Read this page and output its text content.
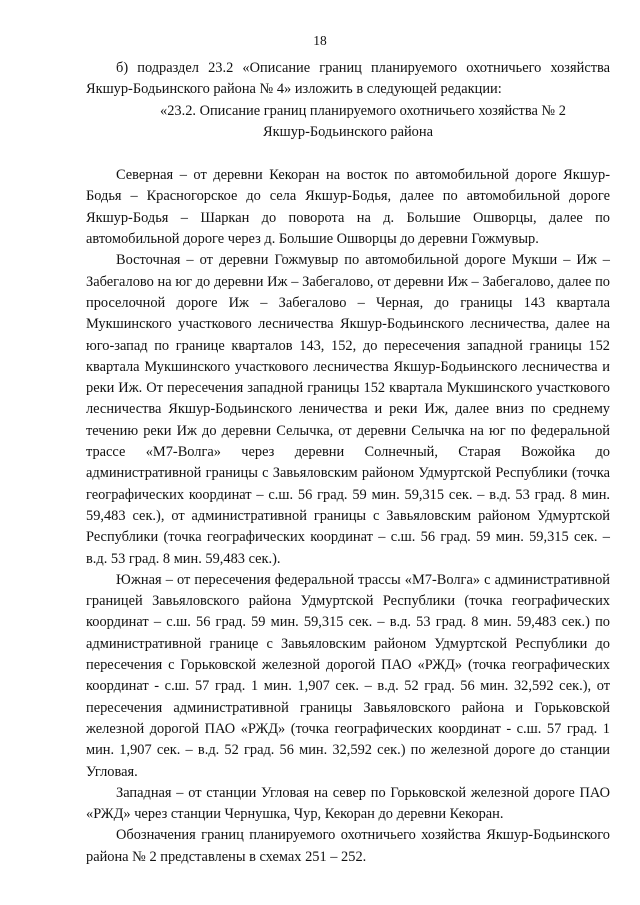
18

б) подраздел 23.2 «Описание границ планируемого охотничьего хозяйства Якшур-Бодьинского района № 4» изложить в следующей редакции:

«23.2. Описание границ планируемого охотничьего хозяйства № 2

Якшур-Бодьинского района

Северная – от деревни Кекоран на восток по автомобильной дороге Якшур-Бодья – Красногорское до села Якшур-Бодья, далее по автомобильной дороге Якшур-Бодья – Шаркан до поворота на д. Большие Ошворцы, далее по автомобильной дороге через д. Большие Ошворцы до деревни Гожмувыр.

Восточная – от деревни Гожмувыр по автомобильной дороге Мукши – Иж – Забегалово на юг до деревни Иж – Забегалово, от деревни Иж – Забегалово, далее по проселочной дороге Иж – Забегалово – Черная, до границы 143 квартала Мукшинского участкового лесничества Якшур-Бодьинского лесничества, далее на юго-запад по границе кварталов 143, 152, до пересечения западной границы 152 квартала Мукшинского участкового лесничества Якшур-Бодьинского лесничества и реки Иж. От пересечения западной границы 152 квартала Мукшинского участкового лесничества Якшур-Бодьинского леничества и реки Иж, далее вниз по среднему течению реки Иж до деревни Селычка, от деревни Селычка на юг по федеральной трассе «М7-Волга» через деревни Солнечный, Старая Вожойка до административной границы с Завьяловским районом Удмуртской Республики (точка географических координат – с.ш. 56 град. 59 мин. 59,315 сек. – в.д. 53 град. 8 мин. 59,483 сек.), от административной границы с Завьяловским районом Удмуртской Республики (точка географических координат – с.ш. 56 град. 59 мин. 59,315 сек. – в.д. 53 град. 8 мин. 59,483 сек.).

Южная – от пересечения федеральной трассы «М7-Волга» с административной границей Завьяловского района Удмуртской Республики (точка географических координат – с.ш. 56 град. 59 мин. 59,315 сек. – в.д. 53 град. 8 мин. 59,483 сек.) по административной границе с Завьяловским районом Удмуртской Республики до пересечения с Горьковской железной дорогой ПАО «РЖД» (точка географических координат - с.ш. 57 град. 1 мин. 1,907 сек. – в.д. 52 град. 56 мин. 32,592 сек.), от пересечения административной границы Завьяловского района и Горьковской железной дорогой ПАО «РЖД» (точка географических координат - с.ш. 57 град. 1 мин. 1,907 сек. – в.д. 52 град. 56 мин. 32,592 сек.) по железной дороге до станции Угловая.

Западная – от станции Угловая на север по Горьковской железной дороге ПАО «РЖД» через станции Чернушка, Чур, Кекоран до деревни Кекоран.

Обозначения границ планируемого охотничьего хозяйства Якшур-Бодьинского района № 2 представлены в схемах 251 – 252.
